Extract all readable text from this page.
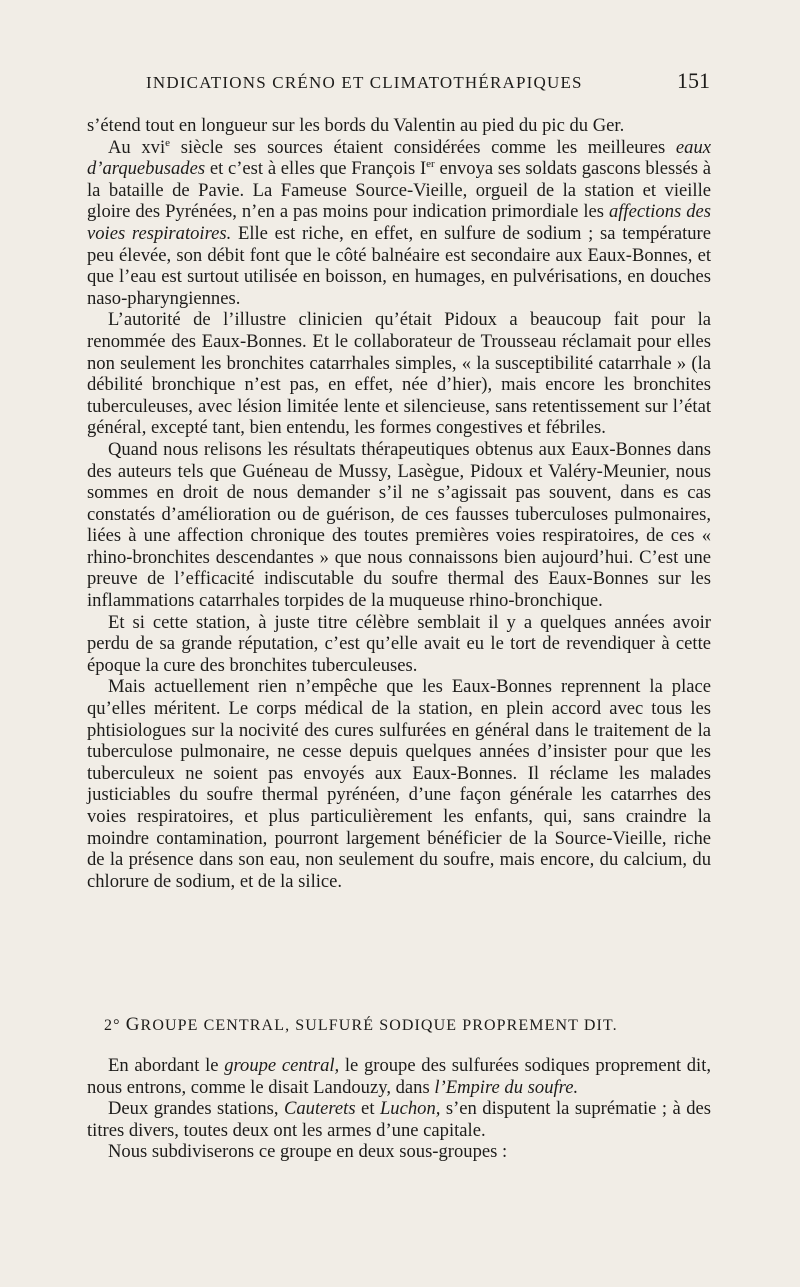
INDICATIONS CRÉNO ET CLIMATOTHÉRAPIQUES	151

s’étend tout en longueur sur les bords du Valentin au pied du pic du Ger.

Au xvi$^e$ siècle ses sources étaient considérées comme les meilleures eaux d’arquebusades et c’est à elles que François Ier envoya ses soldats gascons blessés à la bataille de Pavie. La Fameuse Source-Vieille, orgueil de la station et vieille gloire des Pyrénées, n’en a pas moins pour indication primordiale les affections des voies respiratoires. Elle est riche, en effet, en sulfure de sodium ; sa température peu élevée, son débit font que le côté balnéaire est secondaire aux Eaux-Bonnes, et que l’eau est surtout utilisée en boisson, en humages, en pulvérisations, en douches naso-pharyngiennes.

L’autorité de l’illustre clinicien qu’était Pidoux a beaucoup fait pour la renommée des Eaux-Bonnes. Et le collaborateur de Trousseau réclamait pour elles non seulement les bronchites catarrhales simples, « la susceptibilité catarrhale » (la débilité bronchique n’est pas, en effet, née d’hier), mais encore les bronchites tuberculeuses, avec lésion limitée lente et silencieuse, sans retentissement sur l’état général, excepté tant, bien entendu, les formes congestives et fébriles.

Quand nous relisons les résultats thérapeutiques obtenus aux Eaux-Bonnes dans des auteurs tels que Guéneau de Mussy, Lasègue, Pidoux et Valéry-Meunier, nous sommes en droit de nous demander s’il ne s’agissait pas souvent, dans es cas constatés d’amélioration ou de guérison, de ces fausses tuberculoses pulmonaires, liées à une affection chronique des toutes premières voies respiratoires, de ces « rhino-bronchites descendantes » que nous connaissons bien aujourd’hui. C’est une preuve de l’efficacité indiscutable du soufre thermal des Eaux-Bonnes sur les inflammations catarrhales torpides de la muqueuse rhino-bronchique.

Et si cette station, à juste titre célèbre semblait il y a quelques années avoir perdu de sa grande réputation, c’est qu’elle avait eu le tort de revendiquer à cette époque la cure des bronchites tuberculeuses.

Mais actuellement rien n’empêche que les Eaux-Bonnes reprennent la place qu’elles méritent. Le corps médical de la station, en plein accord avec tous les phtisiologues sur la nocivité des cures sulfurées en général dans le traitement de la tuberculose pulmonaire, ne cesse depuis quelques années d’insister pour que les tuberculeux ne soient pas envoyés aux Eaux-Bonnes. Il réclame les malades justiciables du soufre thermal pyrénéen, d’une façon générale les catarrhes des voies respiratoires, et plus particulièrement les enfants, qui, sans craindre la moindre contamination, pourront largement bénéficier de la Source-Vieille, riche de la présence dans son eau, non seulement du soufre, mais encore, du calcium, du chlorure de sodium, et de la silice.

2° GROUPE CENTRAL, SULFURÉ SODIQUE PROPREMENT DIT.

En abordant le groupe central, le groupe des sulfurées sodiques proprement dit, nous entrons, comme le disait Landouzy, dans l’Empire du soufre.

Deux grandes stations, Cauterets et Luchon, s’en disputent la suprématie ; à des titres divers, toutes deux ont les armes d’une capitale.

Nous subdiviserons ce groupe en deux sous-groupes :
